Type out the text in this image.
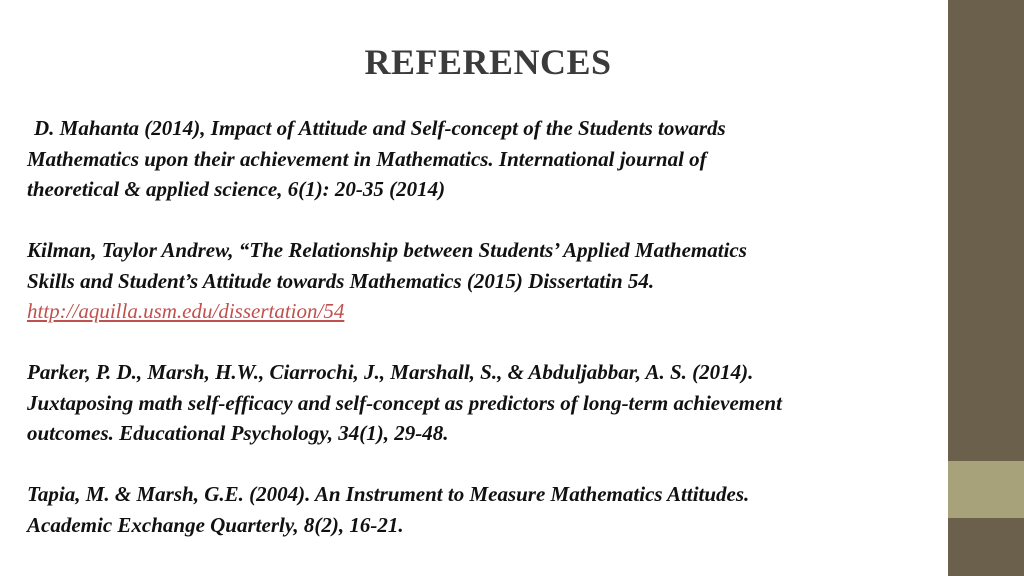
REFERENCES
D. Mahanta (2014), Impact of Attitude and Self-concept of the Students towards
Mathematics upon their achievement in Mathematics. International journal of
theoretical & applied science, 6(1): 20-35 (2014)
Kilman, Taylor Andrew, “The Relationship between Students’ Applied Mathematics
Skills and Student’s Attitude towards Mathematics (2015) Dissertatin 54.
http://aquilla.usm.edu/dissertation/54
Parker, P. D., Marsh, H.W., Ciarrochi, J., Marshall, S., & Abduljabbar, A. S. (2014).
Juxtaposing math self-efficacy and self-concept as predictors of long-term achievement
outcomes. Educational Psychology, 34(1), 29-48.
Tapia, M. & Marsh, G.E. (2004). An Instrument to Measure Mathematics Attitudes.
Academic Exchange Quarterly, 8(2), 16-21.
